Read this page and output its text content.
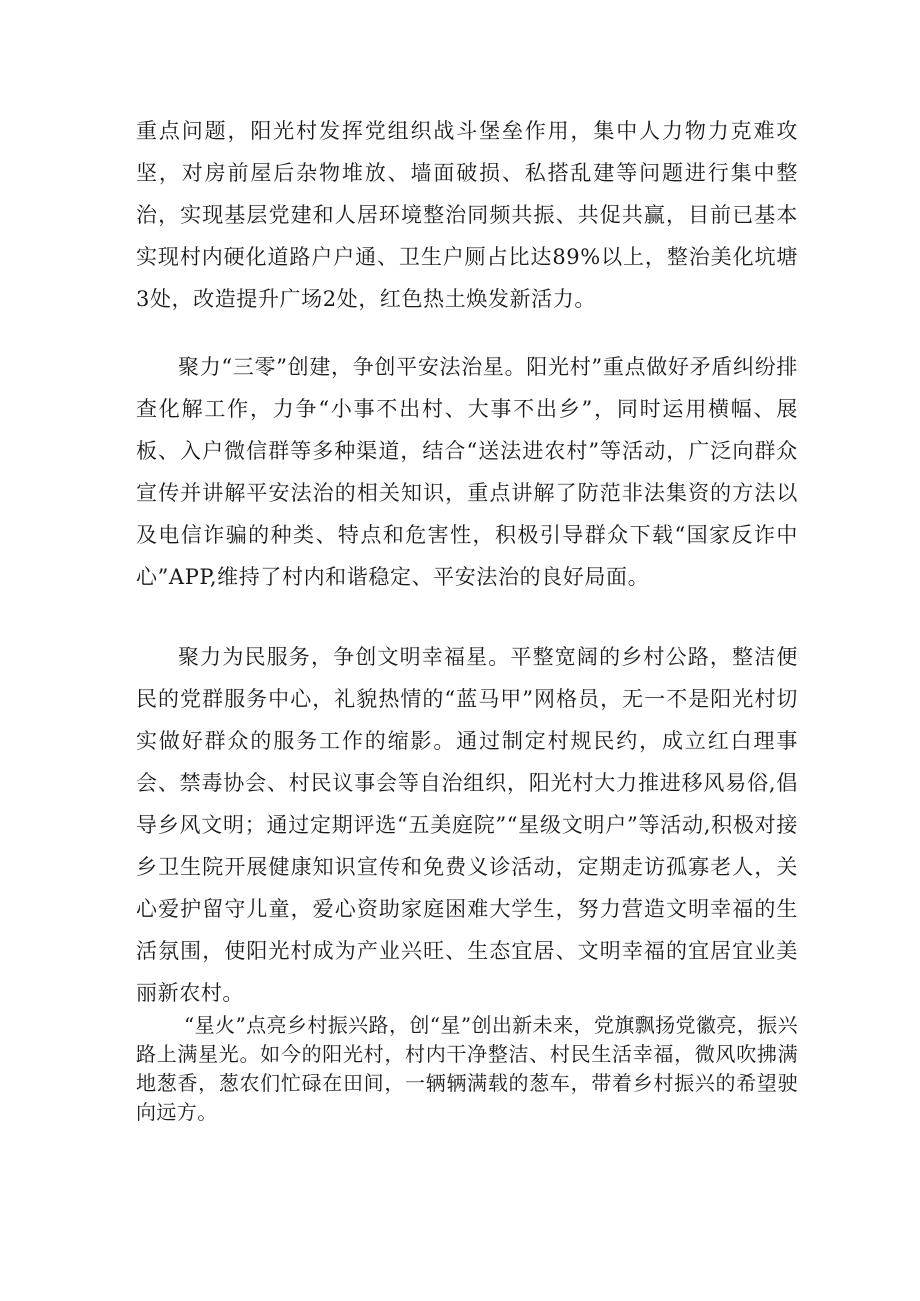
重点问题，阳光村发挥党组织战斗堡垒作用，集中人力物力克难攻坚，对房前屋后杂物堆放、墙面破损、私搭乱建等问题进行集中整治，实现基层党建和人居环境整治同频共振、共促共赢，目前已基本实现村内硬化道路户户通、卫生户厕占比达89%以上，整治美化坑塘3处，改造提升广场2处，红色热土焕发新活力。

聚力“三零”创建，争创平安法治星。阳光村”重点做好矛盾纠纷排查化解工作，力争“小事不出村、大事不出乡”，同时运用横幅、展板、入户微信群等多种渠道，结合“送法进农村”等活动，广泛向群众宣传并讲解平安法治的相关知识，重点讲解了防范非法集资的方法以及电信诈骗的种类、特点和危害性，积极引导群众下载“国家反诈中心”APP,维持了村内和谐稳定、平安法治的良好局面。

聚力为民服务，争创文明幸福星。平整宽阔的乡村公路，整洁便民的党群服务中心，礼貌热情的“蓝马甲”网格员，无一不是阳光村切实做好群众的服务工作的缩影。通过制定村规民约，成立红白理事会、禁毒协会、村民议事会等自治组织，阳光村大力推进移风易俗,倡导乡风文明；通过定期评选“五美庭院”“星级文明户”等活动,积极对接乡卫生院开展健康知识宣传和免费义诊活动，定期走访孤寡老人，关心爱护留守儿童，爱心资助家庭困难大学生，努力营造文明幸福的生活氛围，使阳光村成为产业兴旺、生态宜居、文明幸福的宜居宜业美丽新农村。

“星火”点亮乡村振兴路，创“星”创出新未来，党旗飘扬党徽亮，振兴路上满星光。如今的阳光村，村内干净整洁、村民生活幸福，微风吹拂满地葱香，葱农们忙碌在田间，一辆辆满载的葱车，带着乡村振兴的希望驶向远方。
